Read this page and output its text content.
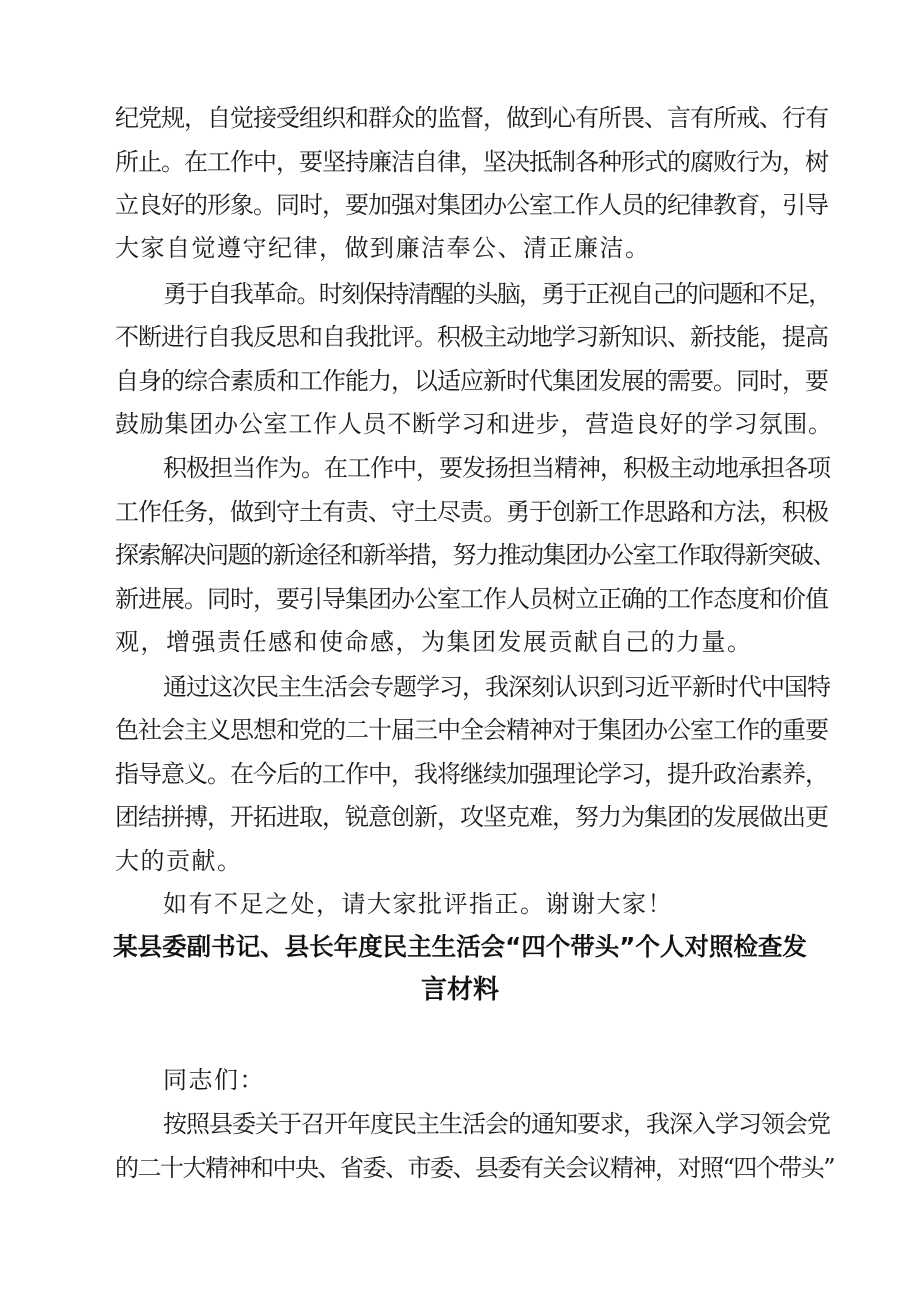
纪党规，自觉接受组织和群众的监督，做到心有所畏、言有所戒、行有
所止。在工作中，要坚持廉洁自律，坚决抵制各种形式的腐败行为，树
立良好的形象。同时，要加强对集团办公室工作人员的纪律教育，引导
大家自觉遵守纪律，做到廉洁奉公、清正廉洁。
勇于自我革命。时刻保持清醒的头脑，勇于正视自己的问题和不足，
不断进行自我反思和自我批评。积极主动地学习新知识、新技能，提高
自身的综合素质和工作能力，以适应新时代集团发展的需要。同时，要
鼓励集团办公室工作人员不断学习和进步，营造良好的学习氛围。
积极担当作为。在工作中，要发扬担当精神，积极主动地承担各项
工作任务，做到守土有责、守土尽责。勇于创新工作思路和方法，积极
探索解决问题的新途径和新举措，努力推动集团办公室工作取得新突破、
新进展。同时，要引导集团办公室工作人员树立正确的工作态度和价值
观，增强责任感和使命感，为集团发展贡献自己的力量。
通过这次民主生活会专题学习，我深刻认识到习近平新时代中国特
色社会主义思想和党的二十届三中全会精神对于集团办公室工作的重要
指导意义。在今后的工作中，我将继续加强理论学习，提升政治素养，
团结拼搏，开拓进取，锐意创新，攻坚克难，努力为集团的发展做出更
大的贡献。
如有不足之处，请大家批评指正。谢谢大家！
某县委副书记、县长年度民主生活会“四个带头”个人对照检查发
言材料
同志们：
按照县委关于召开年度民主生活会的通知要求，我深入学习领会党
的二十大精神和中央、省委、市委、县委有关会议精神，对照“四个带头”
